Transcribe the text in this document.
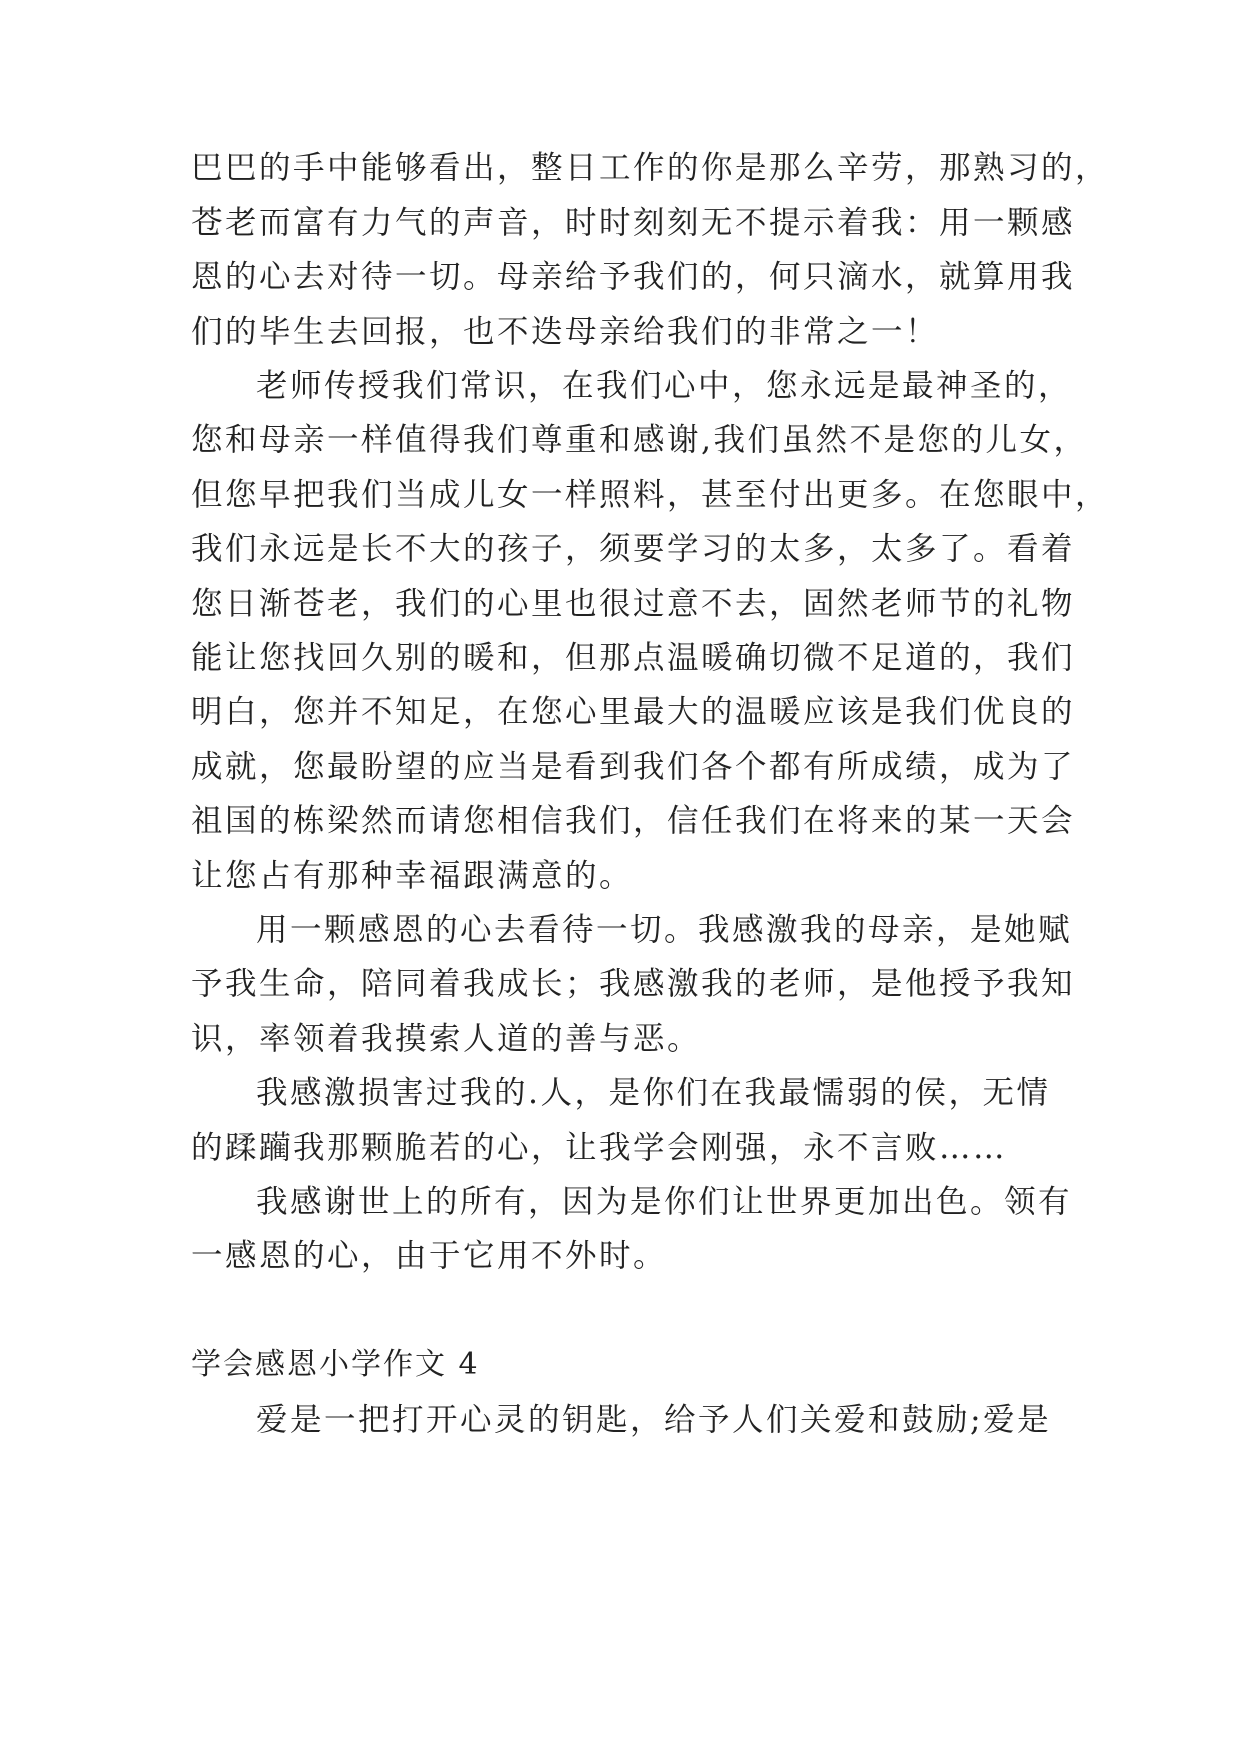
巴巴的手中能够看出，整日工作的你是那么辛劳，那熟习的，
苍老而富有力气的声音，时时刻刻无不提示着我：用一颗感
恩的心去对待一切。母亲给予我们的，何只滴水，就算用我
们的毕生去回报，也不迭母亲给我们的非常之一！
老师传授我们常识，在我们心中，您永远是最神圣的，
您和母亲一样值得我们尊重和感谢,我们虽然不是您的儿女，
但您早把我们当成儿女一样照料，甚至付出更多。在您眼中，
我们永远是长不大的孩子，须要学习的太多，太多了。看着
您日渐苍老，我们的心里也很过意不去，固然老师节的礼物
能让您找回久别的暖和，但那点温暖确切微不足道的，我们
明白，您并不知足，在您心里最大的温暖应该是我们优良的
成就，您最盼望的应当是看到我们各个都有所成绩，成为了
祖国的栋梁然而请您相信我们，信任我们在将来的某一天会
让您占有那种幸福跟满意的。
用一颗感恩的心去看待一切。我感激我的母亲，是她赋
予我生命，陪同着我成长；我感激我的老师，是他授予我知
识，率领着我摸索人道的善与恶。
我感激损害过我的.人，是你们在我最懦弱的侯，无情
的蹂躏我那颗脆若的心，让我学会刚强，永不言败……
我感谢世上的所有，因为是你们让世界更加出色。领有
一感恩的心，由于它用不外时。
学会感恩小学作文 4
爱是一把打开心灵的钥匙，给予人们关爱和鼓励;爱是
